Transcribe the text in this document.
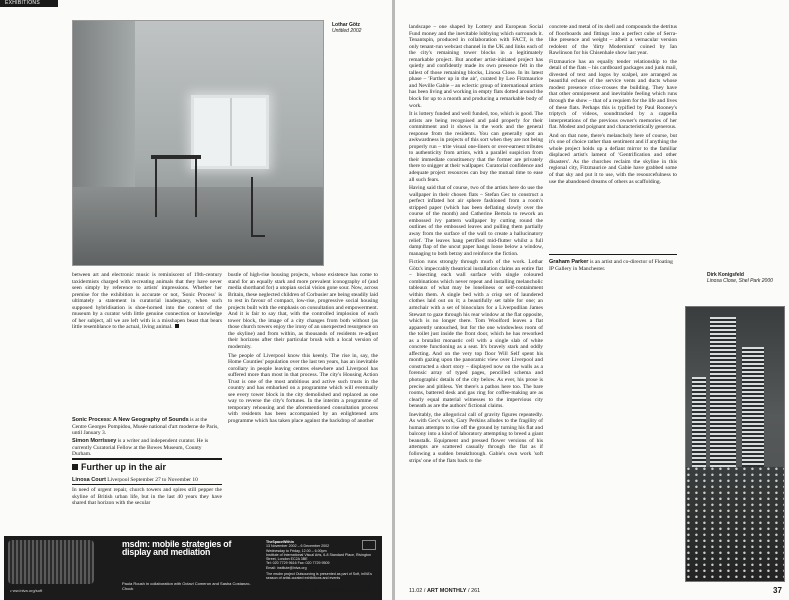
EXHIBITIONS
Lothar Götz
Untitled 2002

between art and electronic music is reminiscent of 19th-century taxidermists charged with recreating animals that they have never seen simply by reference to artists' impressions. Whether her premise for the exhibition is accurate or not, 'Sonic Process' is ultimately a statement in curatorial inadequacy, when such supposed hybridisation is shoe-horned into the context of the museum by a curator with little genuine connection or knowledge of her subject, all we are left with is a misshapen beast that bears little resemblance to the actual, living animal.

Sonic Process: A New Geography of Sounds is at the Centre Georges Pompidou, Musée national d'art moderne de Paris, until January 3.
Simon Morrissey is a writer and independent curator. He is currently Curatorial Fellow at the Bowes Museum, County Durham.
Further up in the air
Linosa Court Liverpool September 27 to November 10

In need of urgent repair, church towers and spires still pepper the skyline of British urban life, but in the last 40 years they have shared that horizon with the secular

bustle of high-rise housing projects, whose existence has come to stand for an equally stark and more prevalent iconography of (and media shorthand for) a utopian social vision gone sour. Now, across Britain, these neglected children of Corbusier are being steadily laid to rest in favour of compact, low-rise, progressive social housing projects built with the emphasis on consultation and empowerment. And it is fair to say that, with the controlled implosion of each tower block, the image of a city changes from both without (as those church towers enjoy the irony of an unexpected resurgence on the skyline) and from within, as thousands of residents re-adjust their horizons after their particular brush with a local version of modernity.

The people of Liverpool know this keenly. The rise in, say, the Home Counties' population over the last ten years, has an inevitable corollary in people leaving centres elsewhere and Liverpool has suffered more than most in that process. The city's Housing Action Trust is one of the most ambitious and active such trusts in the country and has embarked on a programme which will eventually see every tower block in the city demolished and replaced as one way to reverse the city's fortunes. In the interim a programme of temporary rehousing and the aforementioned consultation process with residents has been accompanied by an enlightened arts programme which has taken place against the backdrop of another

www.iniva.org/soft
msdm: mobile strategies of display and mediation
Paula Roush in collaboration with Octavi Comeron and Sasha Costanzo-Chock
TheSpaceWithin
13 November 2002 – 6 December 2002
Wednesday to Friday, 12.00 – 6.00pm
Institute of International Visual Arts, 6-8 Standard Place, Rivington Street, London EC2A 3BE
Tel: 020 7729 9616 Fax: 020 7729 9509
Email: institute@iniva.org
The msdm project Outsourcing is presented as part of Soft, inIVA's season of artist-curated exhibitions and events
36	261 / ART MONTHLY / 11.02

landscape – one shaped by Lottery and European Social Fund money and the inevitable lobbying which surrounds it. Tenantspin, produced in collaboration with FACT, is the only tenant-run webcast channel in the UK and links each of the city's remaining tower blocks in a legitimately remarkable project. But another artist-initiated project has quietly and confidently made its own presence felt in the tallest of those remaining blocks, Linosa Close. In its latest phase – 'Further up in the air', curated by Leo Fitzmaurice and Neville Gabie – an eclectic group of international artists has been living and working in empty flats dotted around the block for up to a month and producing a remarkable body of work.

It is lottery funded and well funded, too, which is good. The artists are being recognised and paid properly for their commitment and it shows in the work and the general response from the residents. You can generally spot an awkwardness in projects of this sort when they are not being properly run – trite visual one-liners or over-earnest tributes to authenticity from artists, with a parallel suspicion from their immediate constituency that the former are privately there to snigger at their wallpaper. Curatorial confidence and adequate project resources can buy the mutual time to ease all such fears.

Having said that of course, two of the artists here do use the wallpaper in their chosen flats – Stefan Gec to construct a perfect inflated hot air sphere fashioned from a room's stripped paper (which has been deflating slowly over the course of the month) and Catherine Bertola to rework an embossed ivy pattern wallpaper by cutting round the outlines of the embossed leaves and pulling them partially away from the surface of the wall to create a hallucinatory relief. The leaves hang petrified mid-flutter whilst a full damp flap of the uncut paper hangs loose below a window, managing to both betray and reinforce the fiction.

Fiction runs strongly through much of the work. Lothar Götz's impeccably theatrical installation claims an entire flat – bisecting each wall surface with single coloured combinations which never repeat and installing melancholic tableaux of what may be loneliness or self-containment within them. A single bed with a crisp set of laundered clothes laid out on it; a beautifully set table for one; an armchair with a set of binoculars for a Liverpudlian James Stewart to gaze through his rear window at the flat opposite, which is no longer there. Tom Woolford leaves a flat apparently untouched, but for the one windowless room of the toilet just inside the front door, which he has reworked as a brutalist monastic cell with a single slab of white concrete functioning as a seat. It's bravely stark and oddly affecting. And on the very top floor Will Self spent his month gazing upon the panoramic view over Liverpool and constructed a short story – displayed now on the walls as a forensic array of typed pages, pencilled schema and photographic details of the city below. As ever, his prose is precise and pitiless. Yet there's a pathos here too. The bare rooms, battered desk and gas ring for coffee-making are as clearly equal material witnesses to the impervious city beneath as are the authors' fictional claims.

Inevitably, the allegorical call of gravity figures repeatedly. As with Gec's work, Gary Perkins alludes to the fragility of human attempts to rise off the ground by turning his flat and balcony into a kind of laboratory attempting to breed a giant beanstalk. Equipment and pressed flower versions of his attempts are scattered casually through the flat as if following a sudden breakthrough. Gabie's own work 'soft strips' one of the flats back to the

concrete and metal of its shell and compounds the detritus of floorboards and fittings into a perfect cube of Serra-like presence and weight – albeit a vernacular version redolent of the 'dirty Modernism' coined by Ian Rawlinson for his Chisenhale show last year.

Fitzmaurice has an equally tender relationship to the detail of the flats – his cardboard packages and junk mail, divested of text and logos by scalpel, are arranged as beautiful echoes of the service vents and ducts whose modest presence criss-crosses the building. They have that other omnipresent and inevitable feeling which runs through the show – that of a requiem for the life and lives of these flats. Perhaps this is typified by Paul Rooney's triptych of videos, soundtracked by a cappella interpretations of the previous owner's memories of her flat. Modest and poignant and characteristically generous.

And on that note, there's melancholy here of course, but it's one of choice rather than sentiment and if anything the whole project holds up a defiant mirror to the familiar displaced artist's lament of 'Gentrification and other disasters'. As the churches reclaim the skyline in this regional city, Fitzmaurice and Gabie have grabbed some of that sky and put it to use, with the resourcefulness to use the abandoned dreams of others as scaffolding.

Graham Parker is an artist and co-director of Floating IP Gallery in Manchester.
Dirk Konigsfeld
Linosa Close, Shel Park 2000
11.02 / ART MONTHLY / 261	37
